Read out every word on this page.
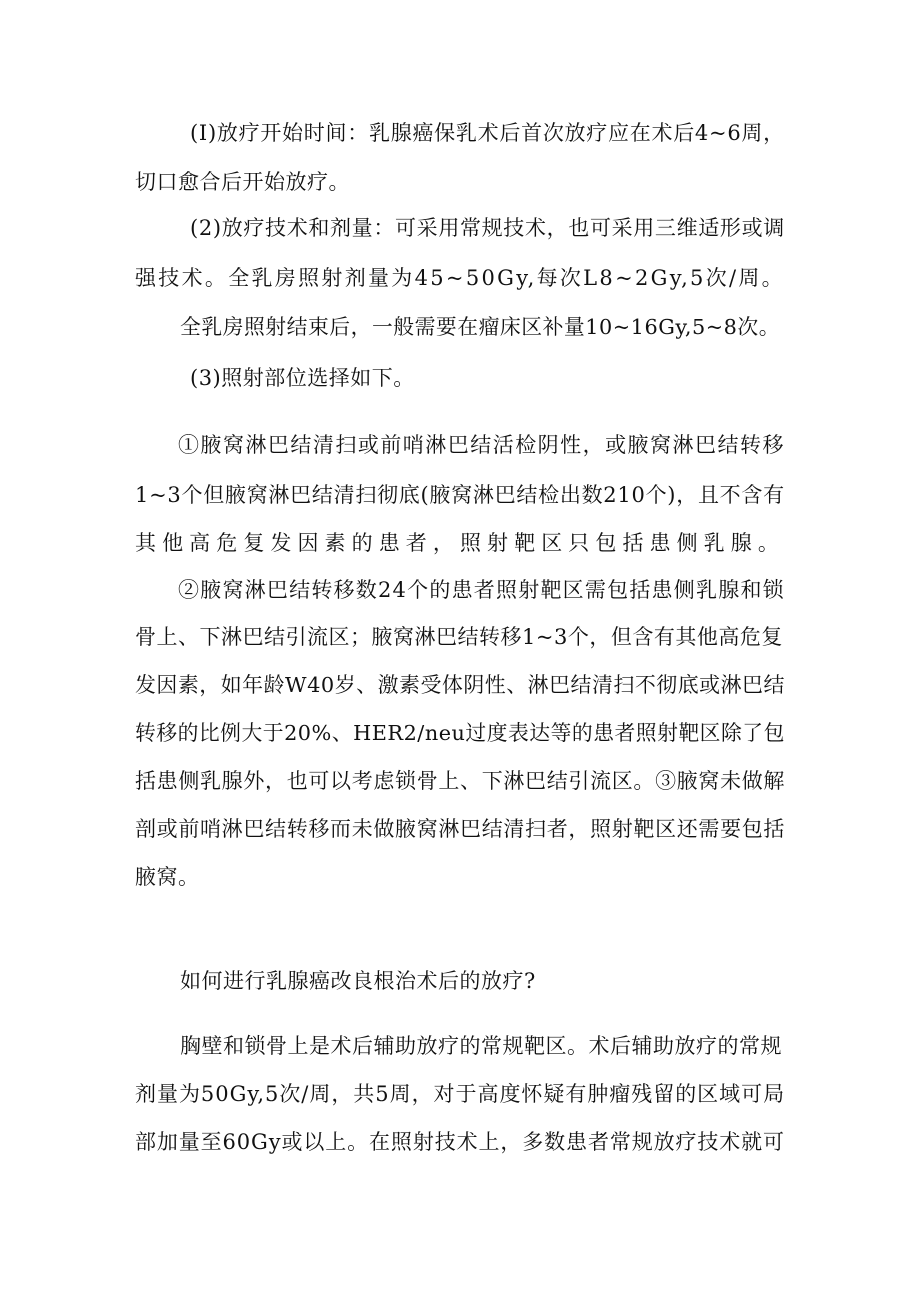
(I)放疗开始时间：乳腺癌保乳术后首次放疗应在术后4~6周，
切口愈合后开始放疗。
(2)放疗技术和剂量：可采用常规技术，也可采用三维适形或调
强技术。全乳房照射剂量为45~50Gy,每次L8~2Gy,5次/周。
全乳房照射结束后，一般需要在瘤床区补量10~16Gy,5~8次。
(3)照射部位选择如下。
①腋窝淋巴结清扫或前哨淋巴结活检阴性，或腋窝淋巴结转移
1~3个但腋窝淋巴结清扫彻底(腋窝淋巴结检出数210个)，且不含有
其他高危复发因素的患者，照射靶区只包括患侧乳腺。
②腋窝淋巴结转移数24个的患者照射靶区需包括患侧乳腺和锁
骨上、下淋巴结引流区；腋窝淋巴结转移1~3个，但含有其他高危复
发因素，如年龄W40岁、激素受体阴性、淋巴结清扫不彻底或淋巴结
转移的比例大于20%、HER2/neu过度表达等的患者照射靶区除了包
括患侧乳腺外，也可以考虑锁骨上、下淋巴结引流区。③腋窝未做解
剖或前哨淋巴结转移而未做腋窝淋巴结清扫者，照射靶区还需要包括
腋窝。
如何进行乳腺癌改良根治术后的放疗?
胸壁和锁骨上是术后辅助放疗的常规靶区。术后辅助放疗的常规
剂量为50Gy,5次/周，共5周，对于高度怀疑有肿瘤残留的区域可局
部加量至60Gy或以上。在照射技术上，多数患者常规放疗技术就可
